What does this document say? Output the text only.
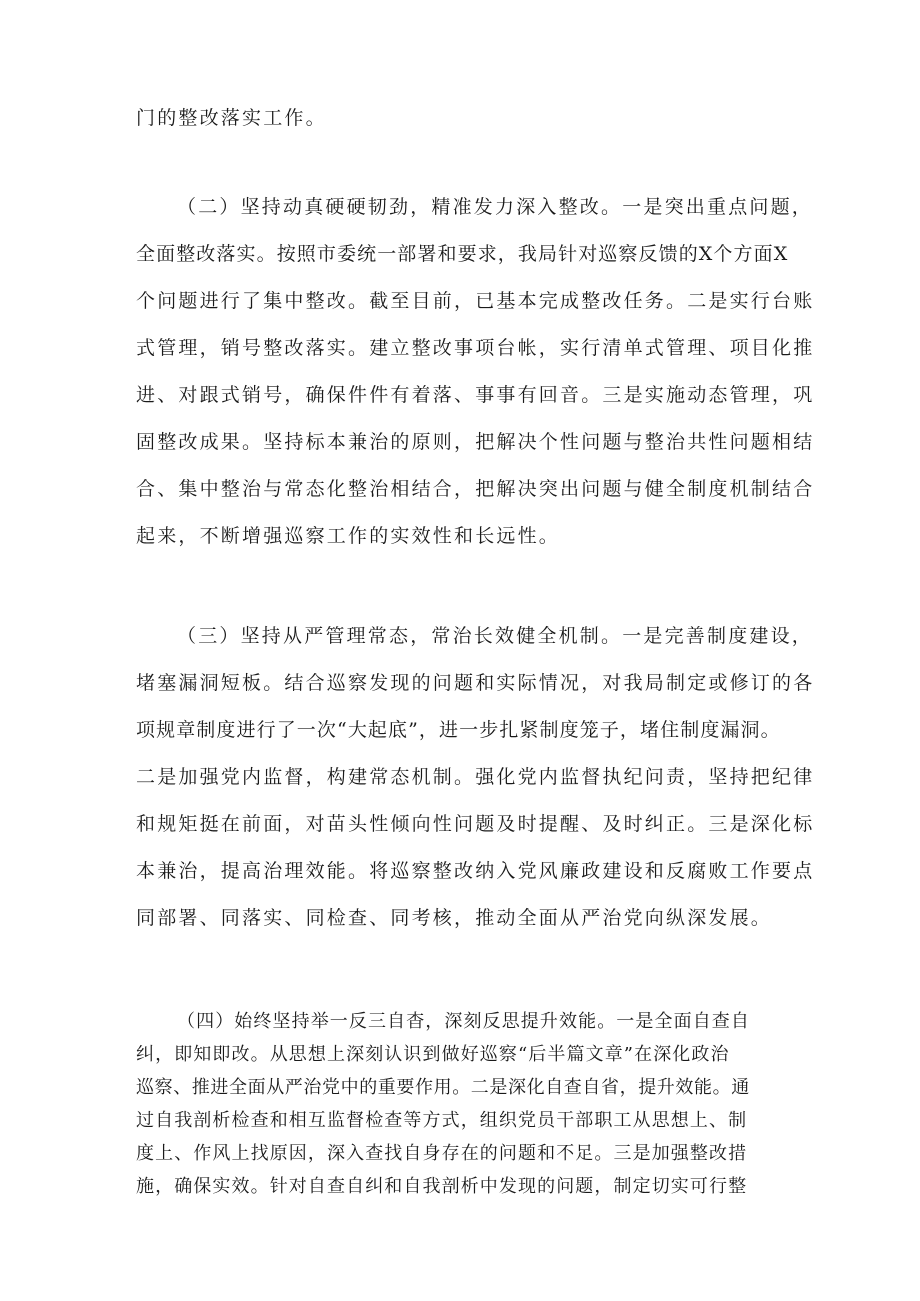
门的整改落实工作。
（二）坚持动真硬硬韧劲，精准发力深入整改。一是突出重点问题，
全面整改落实。按照市委统一部署和要求，我局针对巡察反馈的X个方面X
个问题进行了集中整改。截至目前，已基本完成整改任务。二是实行台账
式管理，销号整改落实。建立整改事项台帐，实行清单式管理、项目化推
进、对跟式销号，确保件件有着落、事事有回音。三是实施动态管理，巩
固整改成果。坚持标本兼治的原则，把解决个性问题与整治共性问题相结
合、集中整治与常态化整治相结合，把解决突出问题与健全制度机制结合
起来，不断增强巡察工作的实效性和长远性。
（三）坚持从严管理常态，常治长效健全机制。一是完善制度建设，
堵塞漏洞短板。结合巡察发现的问题和实际情况，对我局制定或修订的各
项规章制度进行了一次“大起底”，进一步扎紧制度笼子，堵住制度漏洞。
二是加强党内监督，构建常态机制。强化党内监督执纪问责，坚持把纪律
和规矩挺在前面，对苗头性倾向性问题及时提醒、及时纠正。三是深化标
本兼治，提高治理效能。将巡察整改纳入党风廉政建设和反腐败工作要点
同部署、同落实、同检查、同考核，推动全面从严治党向纵深发展。
（四）始终坚持举一反三自杳，深刻反思提升效能。一是全面自查自
纠，即知即改。从思想上深刻认识到做好巡察“后半篇文章”在深化政治
巡察、推进全面从严治党中的重要作用。二是深化自查自省，提升效能。通
过自我剖析检查和相互监督检查等方式，组织党员干部职工从思想上、制
度上、作风上找原因，深入查找自身存在的问题和不足。三是加强整改措
施，确保实效。针对自查自纠和自我剖析中发现的问题，制定切实可行整
